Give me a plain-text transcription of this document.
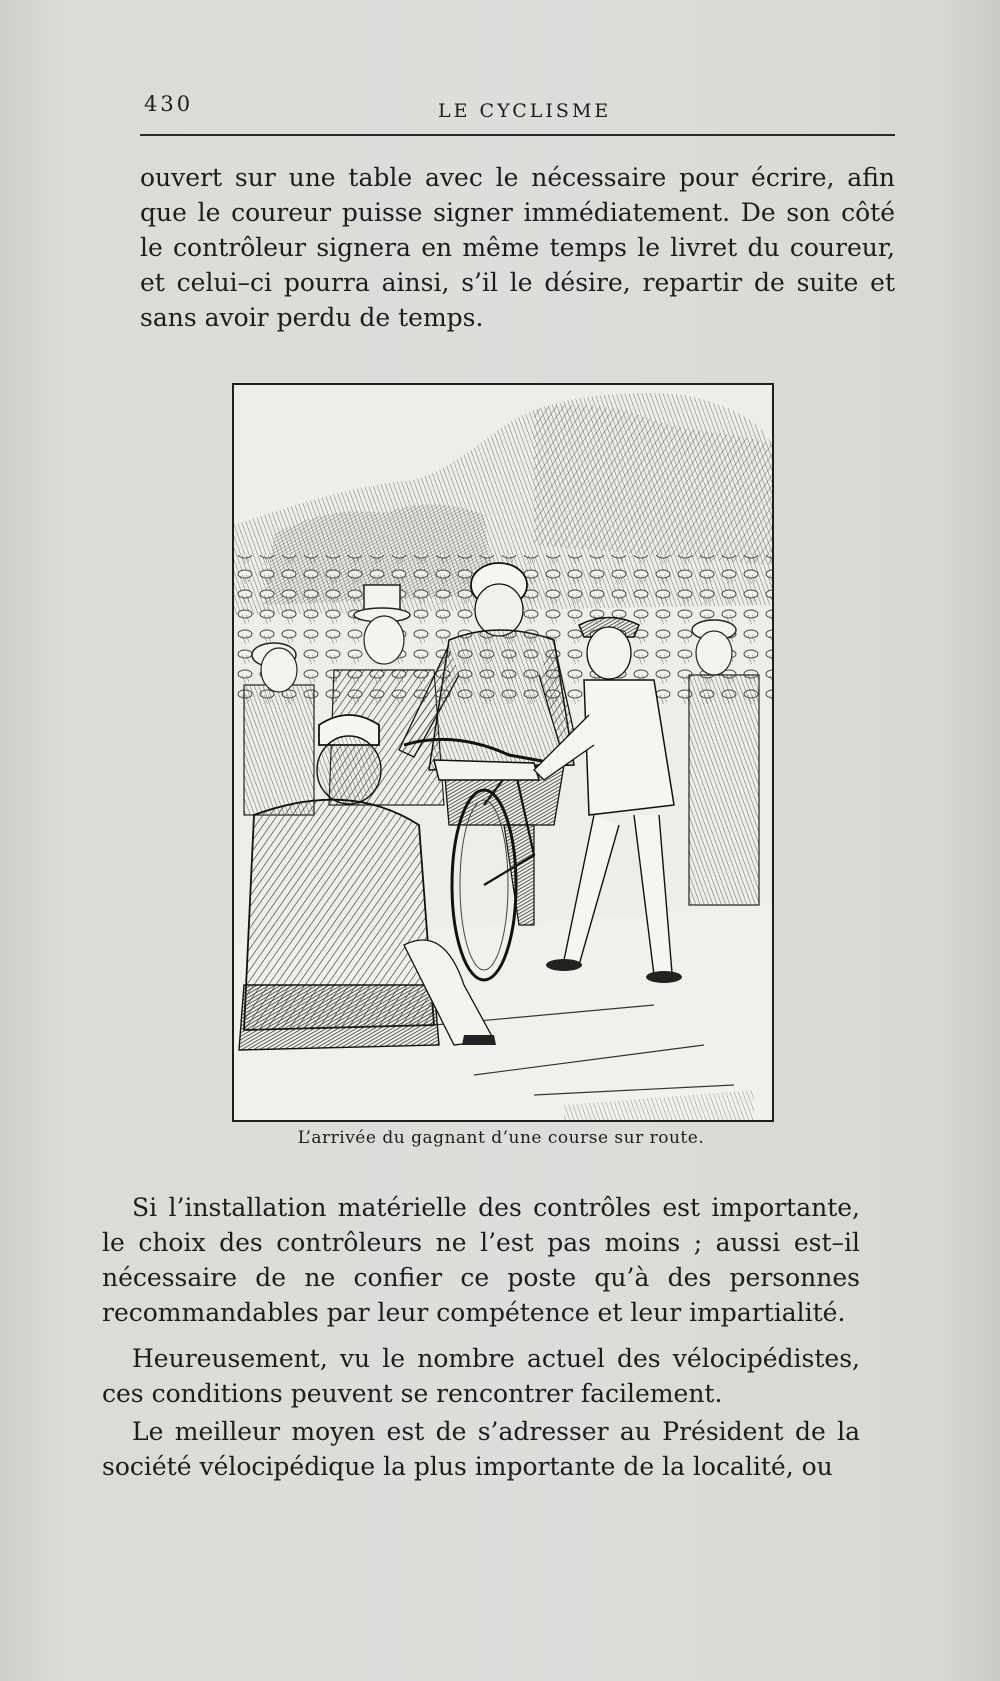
430	LE CYCLISME

ouvert sur une table avec le nécessaire pour écrire, afin que le coureur puisse signer immédiatement. De son côté le contrôleur signera en même temps le livret du coureur, et celui–ci pourra ainsi, s’il le désire, repartir de suite et sans avoir perdu de temps.

L’arrivée du gagnant d’une course sur route.

Si l’installation matérielle des contrôles est importante, le choix des contrôleurs ne l’est pas moins ; aussi est–il nécessaire de ne confier ce poste qu’à des personnes recommandables par leur compétence et leur impartialité.

Heureusement, vu le nombre actuel des vélocipédistes, ces conditions peuvent se rencontrer facilement.

Le meilleur moyen est de s’adresser au Président de la société vélocipédique la plus importante de la localité, ou
